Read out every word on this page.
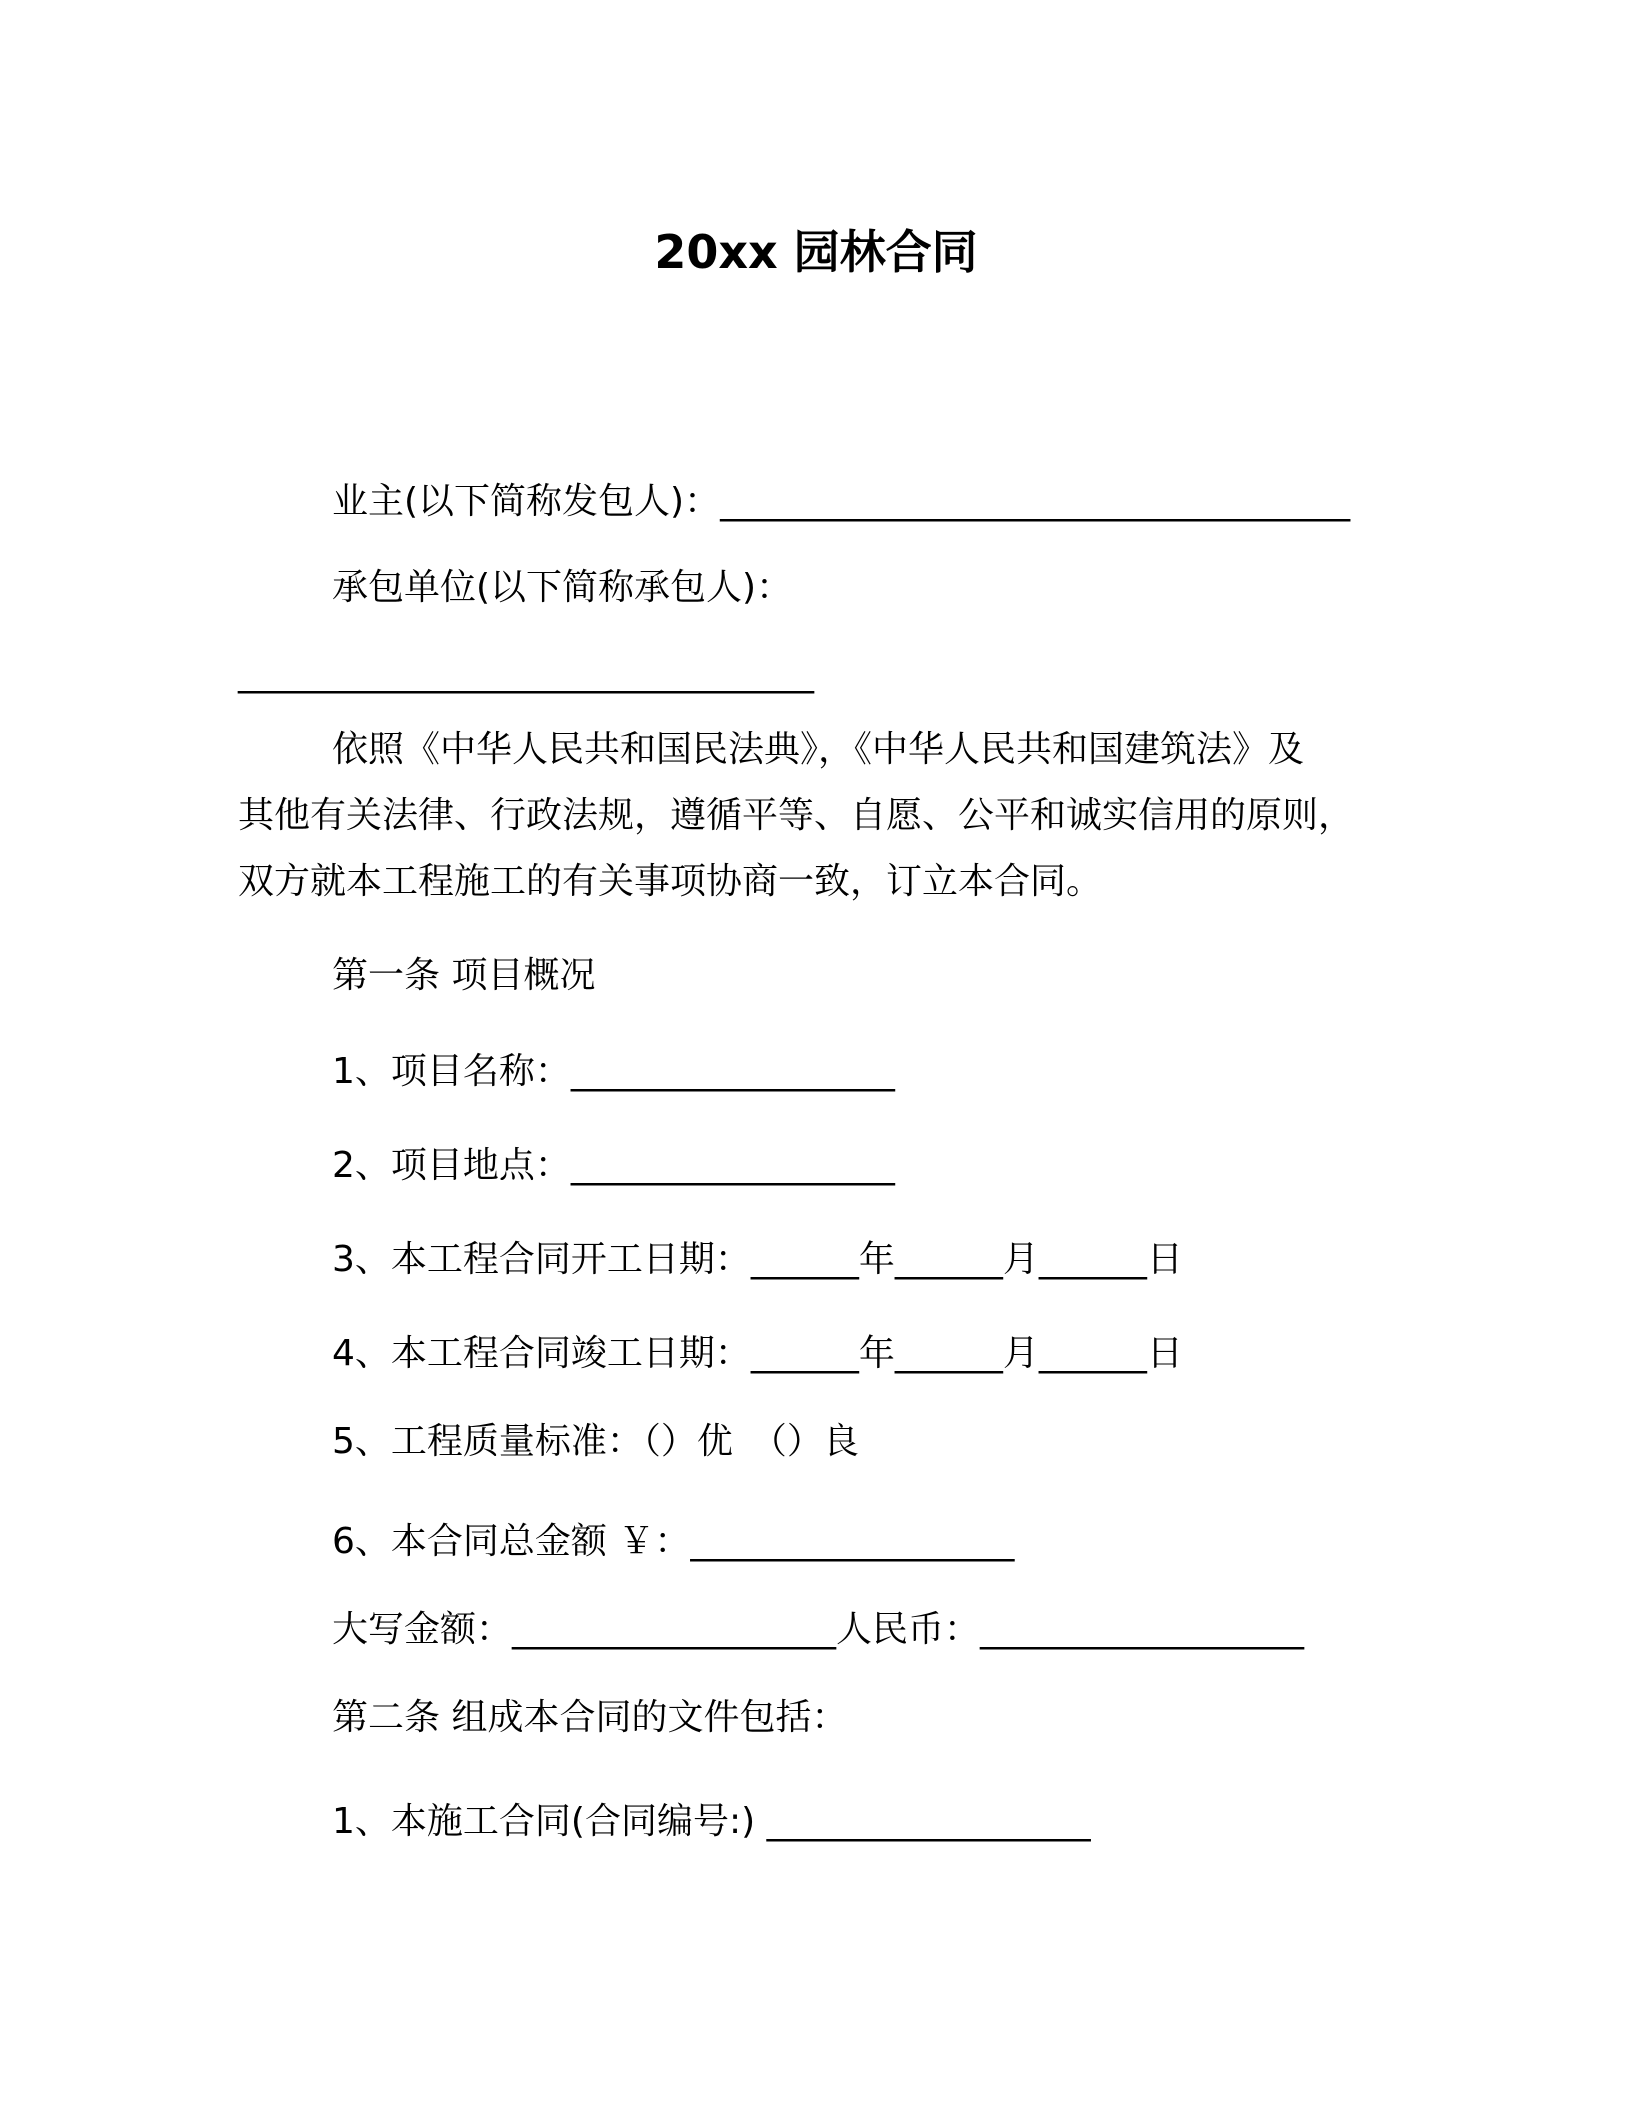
20xx 园林合同

业主(以下简称发包人)：___________________________________

承包单位(以下简称承包人)：

________________________________

依照《中华人民共和国民法典》，《中华人民共和国建筑法》及

其他有关法律、行政法规，遵循平等、自愿、公平和诚实信用的原则，

双方就本工程施工的有关事项协商一致，订立本合同。

第一条 项目概况

1、项目名称：__________________

2、项目地点：__________________

3、本工程合同开工日期：______年______月______日

4、本工程合同竣工日期：______年______月______日

5、工程质量标准：（）优　（）良

6、本合同总金额 ￥：__________________

大写金额：__________________人民币：__________________

第二条 组成本合同的文件包括：

1、本施工合同(合同编号:) __________________
